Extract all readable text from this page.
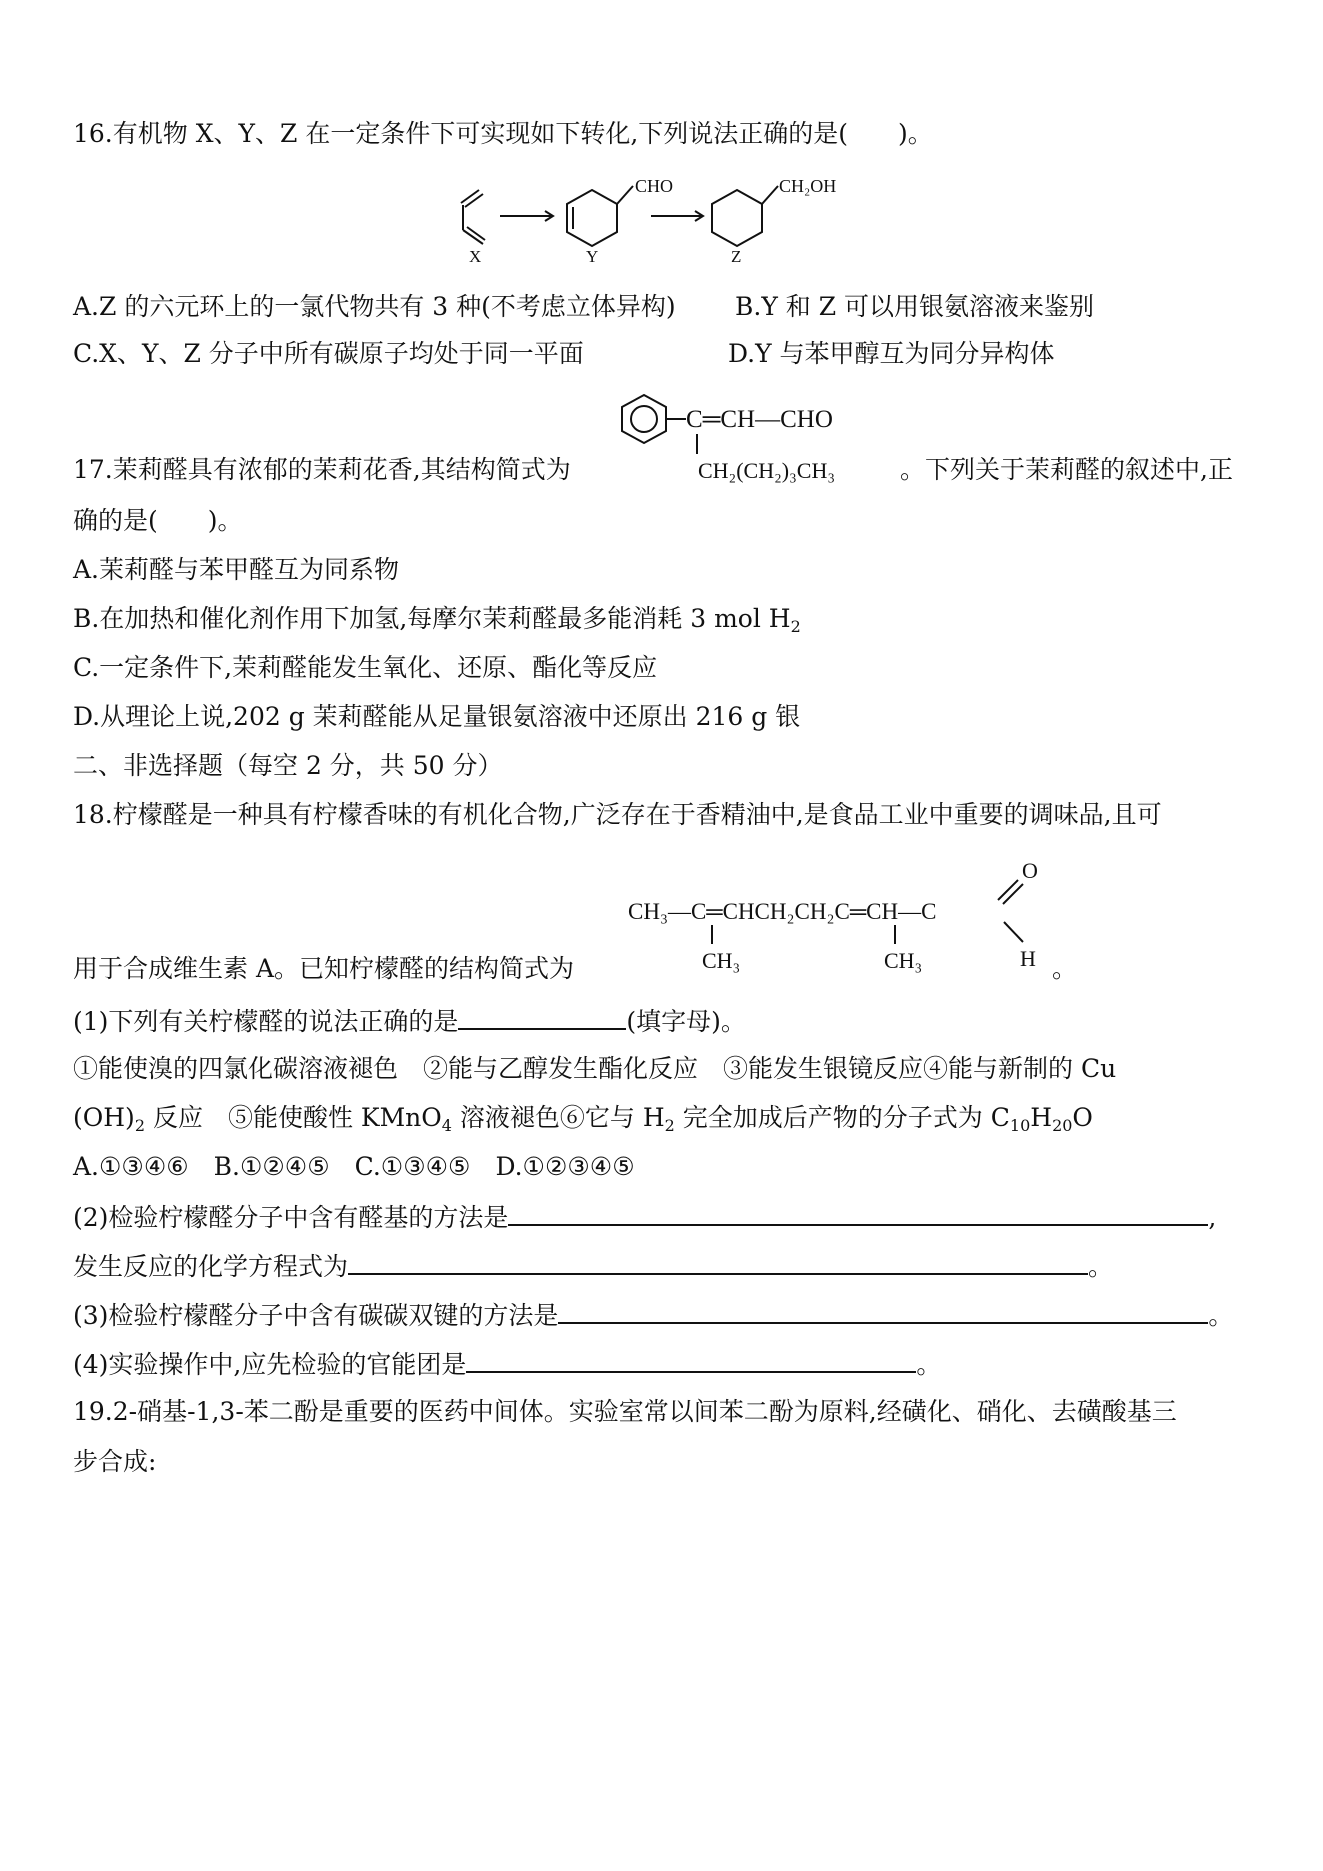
16.有机物 X、Y、Z 在一定条件下可实现如下转化,下列说法正确的是(　　)。
X
CHO
Y
CH₂OH
Z
A.Z 的六元环上的一氯代物共有 3 种(不考虑立体异构) B.Y 和 Z 可以用银氨溶液来鉴别
C.X、Y、Z 分子中所有碳原子均处于同一平面	D.Y 与苯甲醇互为同分异构体
17.茉莉醛具有浓郁的茉莉花香,其结构简式为
C═CH—CHO
CH₂(CH₂)₃CH₃	。下列关于茉莉醛的叙述中,正
确的是(　　)。
A.茉莉醛与苯甲醛互为同系物
B.在加热和催化剂作用下加氢,每摩尔茉莉醛最多能消耗 3 mol $H_2$
C.一定条件下,茉莉醛能发生氧化、还原、酯化等反应
D.从理论上说,202 g 茉莉醛能从足量银氨溶液中还原出 216 g 银
二、非选择题（每空 2 分，共 50 分）
18.柠檬醛是一种具有柠檬香味的有机化合物,广泛存在于香精油中,是食品工业中重要的调味品,且可
用于合成维生素 A。已知柠檬醛的结构简式为
CH₃—C═CHCH₂CH₂C═CH—C
CH₃	CH₃
O
H 。
(1)下列有关柠檬醛的说法正确的是	(填字母)。
①能使溴的四氯化碳溶液褪色　②能与乙醇发生酯化反应　③能发生银镜反应④能与新制的 Cu
$(OH)_2$ 反应　⑤能使酸性 KMnO$_4$ 溶液褪色⑥它与 $H_2$ 完全加成后产物的分子式为 $C_{10}H_{20}O$
A.①③④⑥　B.①②④⑤　C.①③④⑤　D.①②③④⑤
(2)检验柠檬醛分子中含有醛基的方法是	,
发生反应的化学方程式为	。
(3)检验柠檬醛分子中含有碳碳双键的方法是	。
(4)实验操作中,应先检验的官能团是	。
19.2-硝基-1,3-苯二酚是重要的医药中间体。实验室常以间苯二酚为原料,经磺化、硝化、去磺酸基三
步合成:
